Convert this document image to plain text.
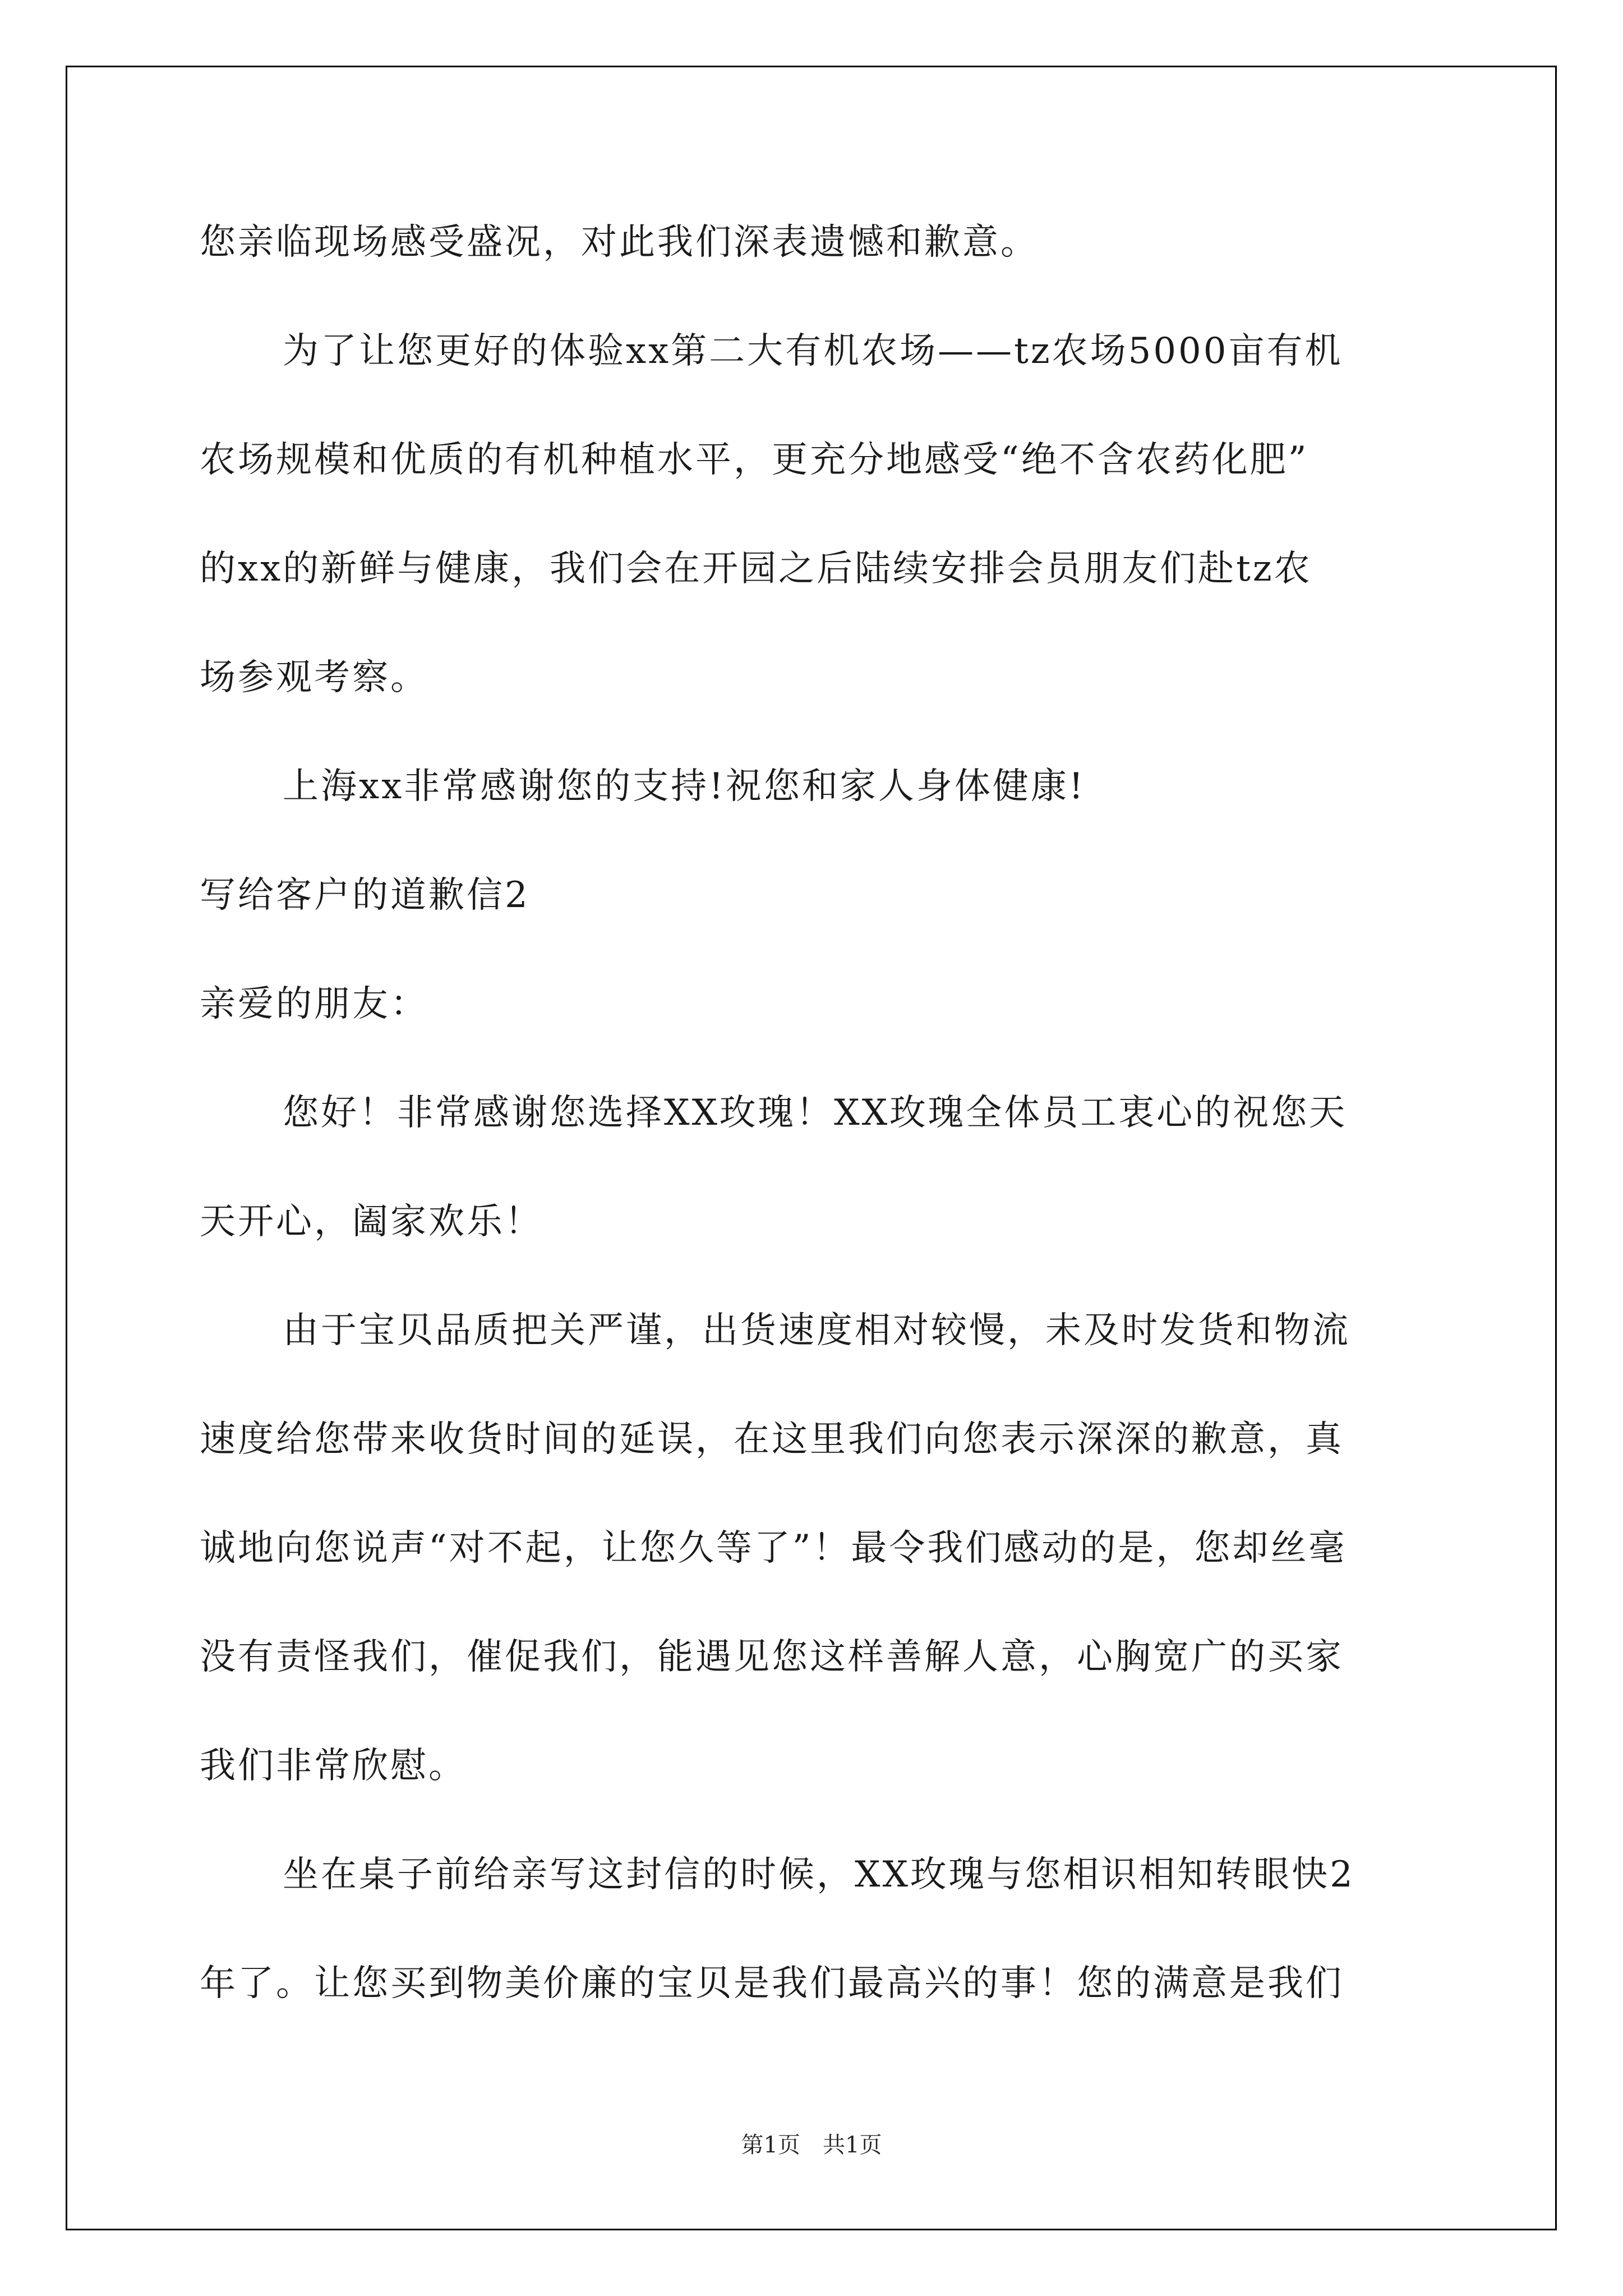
您亲临现场感受盛况，对此我们深表遗憾和歉意。
为了让您更好的体验xx第二大有机农场——tz农场5000亩有机
农场规模和优质的有机种植水平，更充分地感受“绝不含农药化肥”
的xx的新鲜与健康，我们会在开园之后陆续安排会员朋友们赴tz农
场参观考察。
上海xx非常感谢您的支持!祝您和家人身体健康!
写给客户的道歉信2
亲爱的朋友：
您好！非常感谢您选择XX玫瑰！XX玫瑰全体员工衷心的祝您天
天开心，阖家欢乐！
由于宝贝品质把关严谨，出货速度相对较慢，未及时发货和物流
速度给您带来收货时间的延误，在这里我们向您表示深深的歉意，真
诚地向您说声“对不起，让您久等了”！最令我们感动的是，您却丝毫
没有责怪我们，催促我们，能遇见您这样善解人意，心胸宽广的买家
我们非常欣慰。
坐在桌子前给亲写这封信的时候，XX玫瑰与您相识相知转眼快2
年了。让您买到物美价廉的宝贝是我们最高兴的事！您的满意是我们
第1页　共1页
